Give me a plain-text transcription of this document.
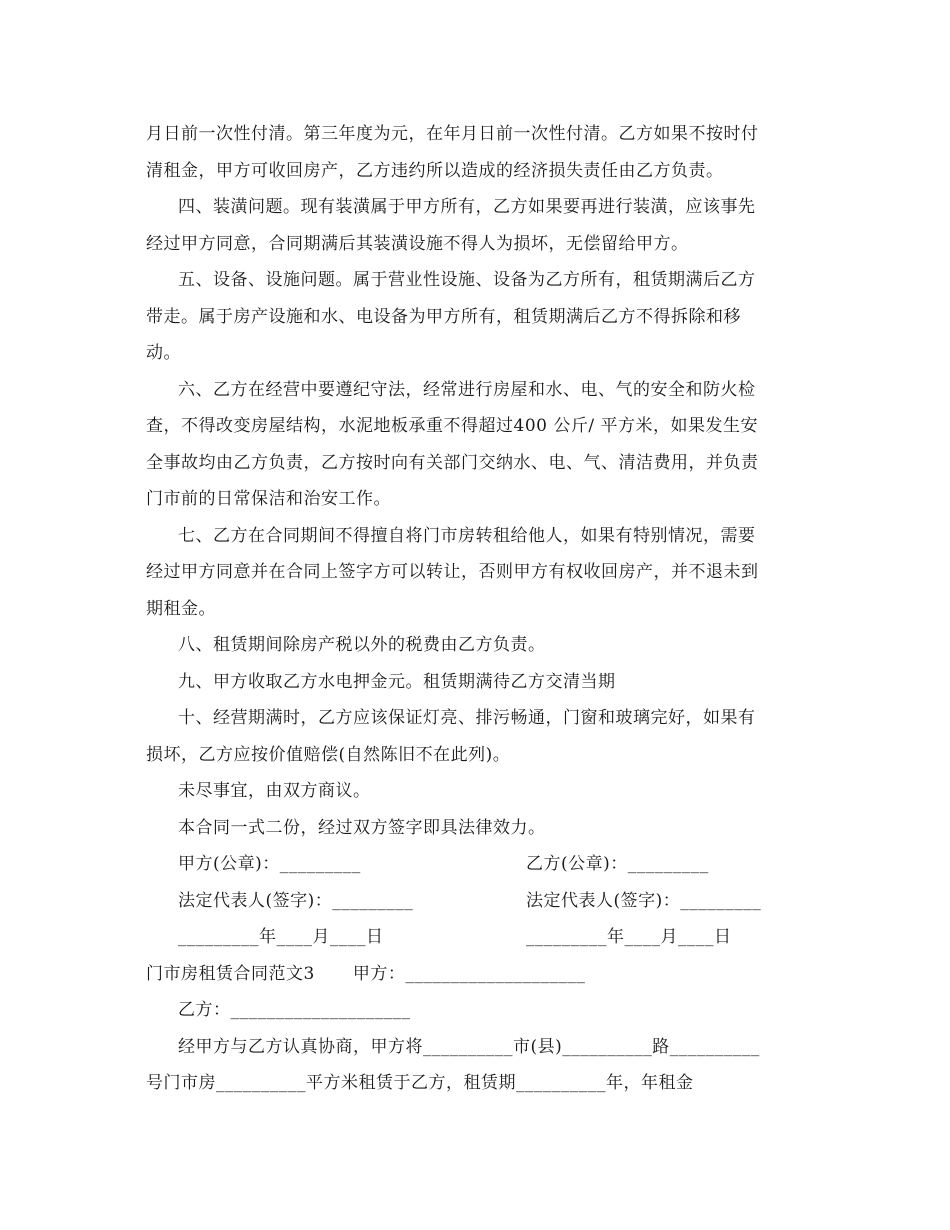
月日前一次性付清。第三年度为元，在年月日前一次性付清。乙方如果不按时付
清租金，甲方可收回房产，乙方违约所以造成的经济损失责任由乙方负责。
四、装潢问题。现有装潢属于甲方所有，乙方如果要再进行装潢，应该事先
经过甲方同意，合同期满后其装潢设施不得人为损坏，无偿留给甲方。
五、设备、设施问题。属于营业性设施、设备为乙方所有，租赁期满后乙方
带走。属于房产设施和水、电设备为甲方所有，租赁期满后乙方不得拆除和移
动。
六、乙方在经营中要遵纪守法，经常进行房屋和水、电、气的安全和防火检
查，不得改变房屋结构，水泥地板承重不得超过400 公斤/ 平方米，如果发生安
全事故均由乙方负责，乙方按时向有关部门交纳水、电、气、清洁费用，并负责
门市前的日常保洁和治安工作。
七、乙方在合同期间不得擅自将门市房转租给他人，如果有特别情况，需要
经过甲方同意并在合同上签字方可以转让，否则甲方有权收回房产，并不退未到
期租金。
八、租赁期间除房产税以外的税费由乙方负责。
九、甲方收取乙方水电押金元。租赁期满待乙方交清当期
十、经营期满时，乙方应该保证灯亮、排污畅通，门窗和玻璃完好，如果有
损坏，乙方应按价值赔偿(自然陈旧不在此列)。
未尽事宜，由双方商议。
本合同一式二份，经过双方签字即具法律效力。
甲方(公章)：_________	乙方(公章)：_________
法定代表人(签字)：_________	法定代表人(签字)：_________
_________年____月____日	_________年____月____日
门市房租赁合同范文3 甲方：____________________
乙方：____________________
经甲方与乙方认真协商，甲方将__________市(县)__________路__________
号门市房__________平方米租赁于乙方，租赁期__________年，年租金
